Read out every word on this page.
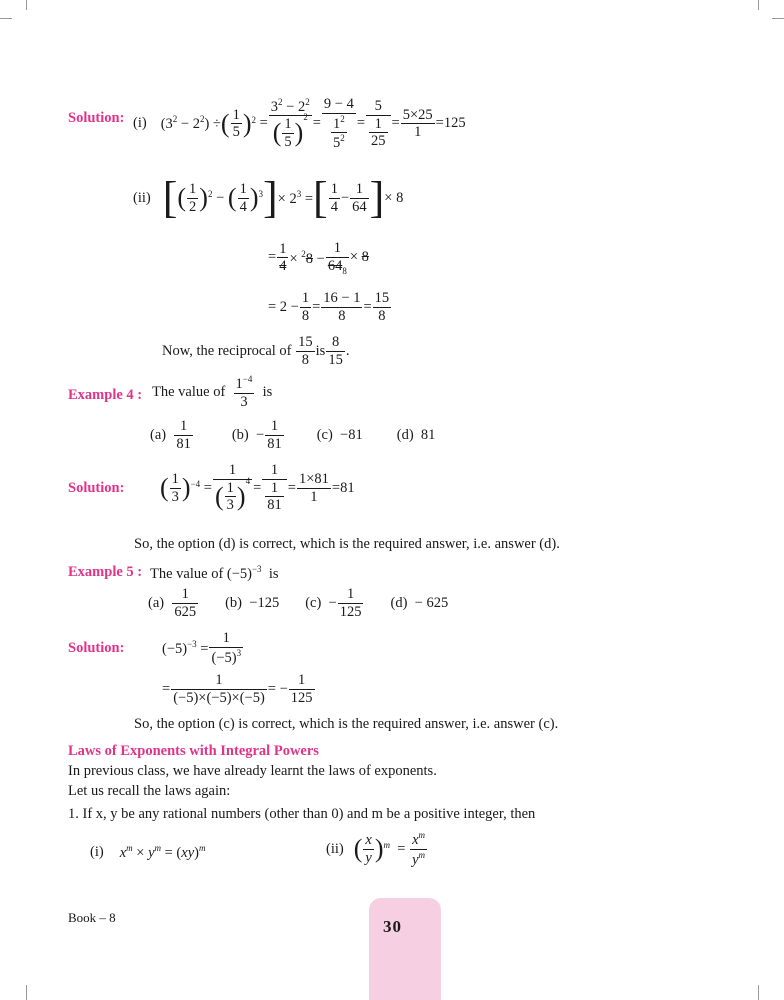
Solution: (i) $(3^2 - 2^2)$ ÷ ( $\frac{1}{5}$ ) $2 = \frac{3^2 - 2^2}{( \frac{1}{5} )^2} = \frac{9 - 4}{\frac{1^2}{5^2}} = \frac{5}{\frac{1}{25}} = \frac{5\times 25}{1} =125$
(ii) [ ( $\frac{1}{2}$ ) 2 − ( $\frac{1}{4}$ ) 3 ] × $2^3$ = [ $\frac{1}{4} - \frac{1}{64}$ ] × 8
= $\frac{1}{4} \times ^28 - \frac{1}{64_8} \times 8$
= $2 - \frac{1}{8} = \frac{16 - 1}{8} = \frac{15}{8}$
Now, the reciprocal of
$\frac{15}{8}$ is $\frac{8}{15}$ .
Example 4 : The value of
$\frac{1^{-4}}{3}$
is
(a)
$\frac{1}{81}$	$(b) - \frac{1}{81} (c)$
−81 (d)
81
Solution: ( $\frac{1}{3}$ ) $-4 = \frac{1}{( \frac{1}{3} )^4} = \frac{1}{\frac{1}{81}} = \frac{1\times 81}{1} =81$
So, the option (d) is correct, which is the required answer, i.e. answer (d).
Example 5 : The value of $(-5)^{-3}$ is
(a)
$\frac{1}{625} (b)$
−125 $(c) - \frac{1}{125} (d)$
− 625
Solution:	$(-5)^{-3} = \frac{1}{(-5)^3}$
= $\frac{1}{(-5)\times(-5)\times(-5)}$ = − $\frac{1}{125}$
So, the option (c) is correct, which is the required answer, i.e. answer (c).
Laws of Exponents with Integral Powers
In previous class, we have already learnt the laws of exponents.
Let us recall the laws again:
1. If x, y be any rational numbers (other than 0) and m be a positive integer, then
(i) $x^m \times y^m = (xy)^m$	(ii) ( $\frac{x}{y}$ ) $m = \frac{x^m}{y^m}$
Book – 8	30
